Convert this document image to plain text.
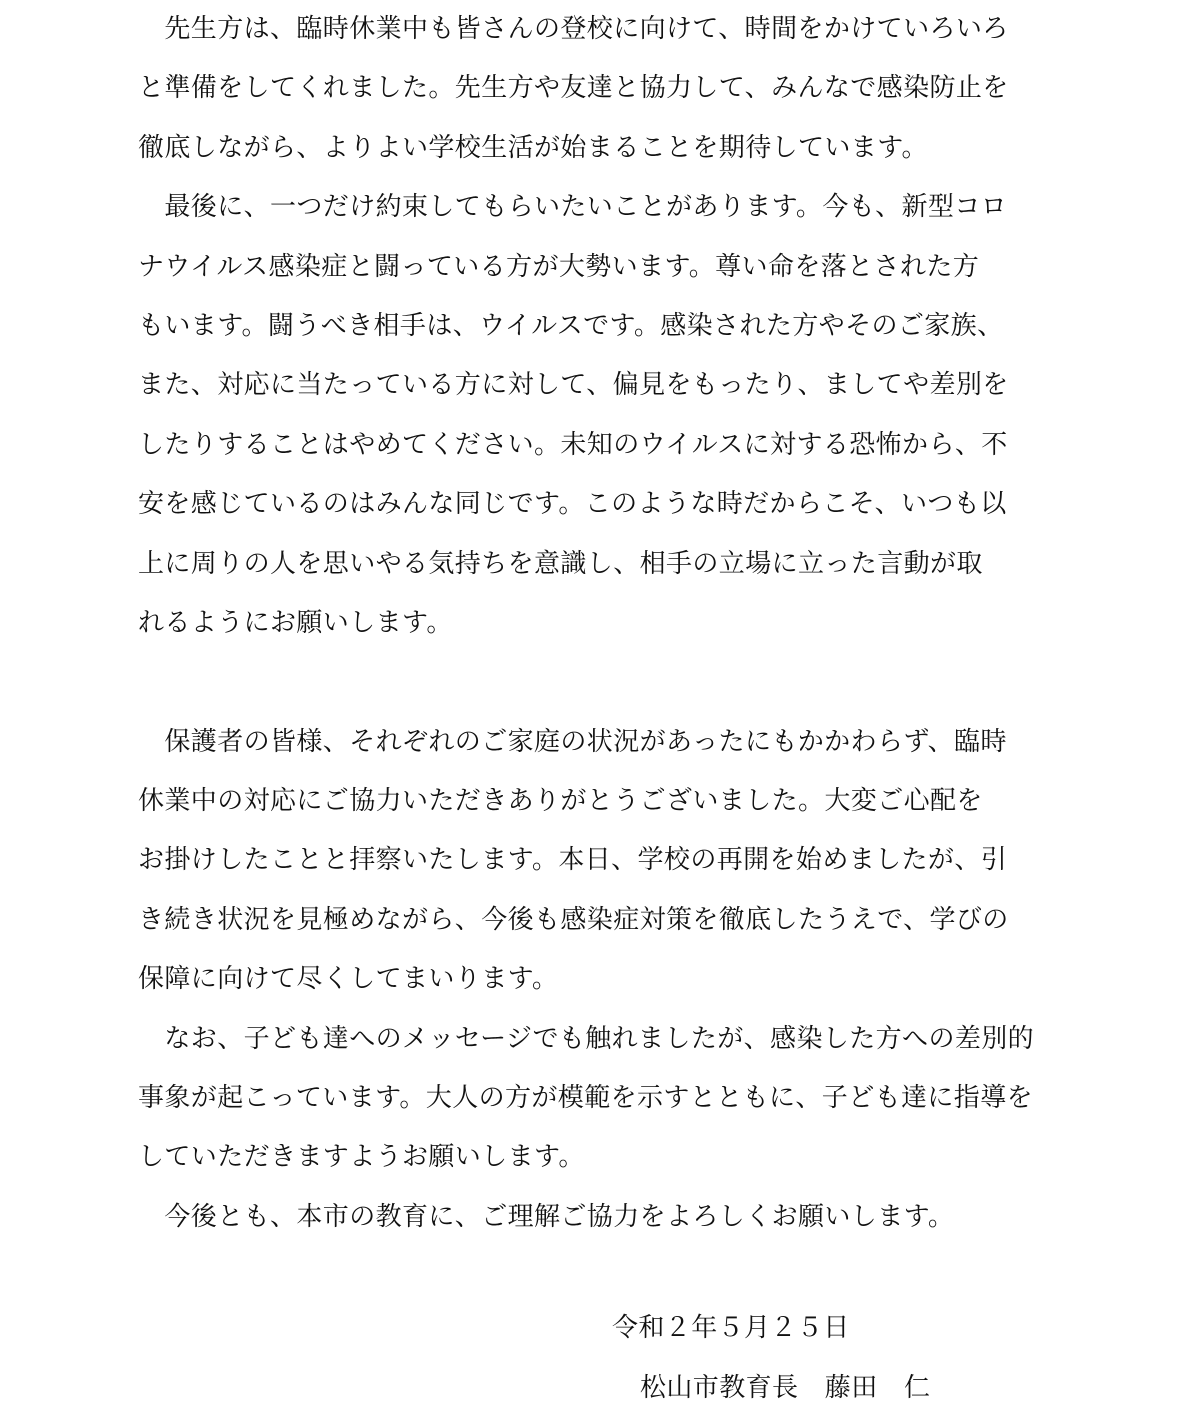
　先生方は、臨時休業中も皆さんの登校に向けて、時間をかけていろいろ
と準備をしてくれました。先生方や友達と協力して、みんなで感染防止を
徹底しながら、よりよい学校生活が始まることを期待しています。
　最後に、一つだけ約束してもらいたいことがあります。今も、新型コロ
ナウイルス感染症と闘っている方が大勢います。尊い命を落とされた方
もいます。闘うべき相手は、ウイルスです。感染された方やそのご家族、
また、対応に当たっている方に対して、偏見をもったり、ましてや差別を
したりすることはやめてください。未知のウイルスに対する恐怖から、不
安を感じているのはみんな同じです。このような時だからこそ、いつも以
上に周りの人を思いやる気持ちを意識し、相手の立場に立った言動が取
れるようにお願いします。
　保護者の皆様、それぞれのご家庭の状況があったにもかかわらず、臨時
休業中の対応にご協力いただきありがとうございました。大変ご心配を
お掛けしたことと拝察いたします。本日、学校の再開を始めましたが、引
き続き状況を見極めながら、今後も感染症対策を徹底したうえで、学びの
保障に向けて尽くしてまいります。
　なお、子ども達へのメッセージでも触れましたが、感染した方への差別的
事象が起こっています。大人の方が模範を示すとともに、子ども達に指導を
していただきますようお願いします。
　今後とも、本市の教育に、ご理解ご協力をよろしくお願いします。
令和２年５月２５日
松山市教育長　藤田　仁
